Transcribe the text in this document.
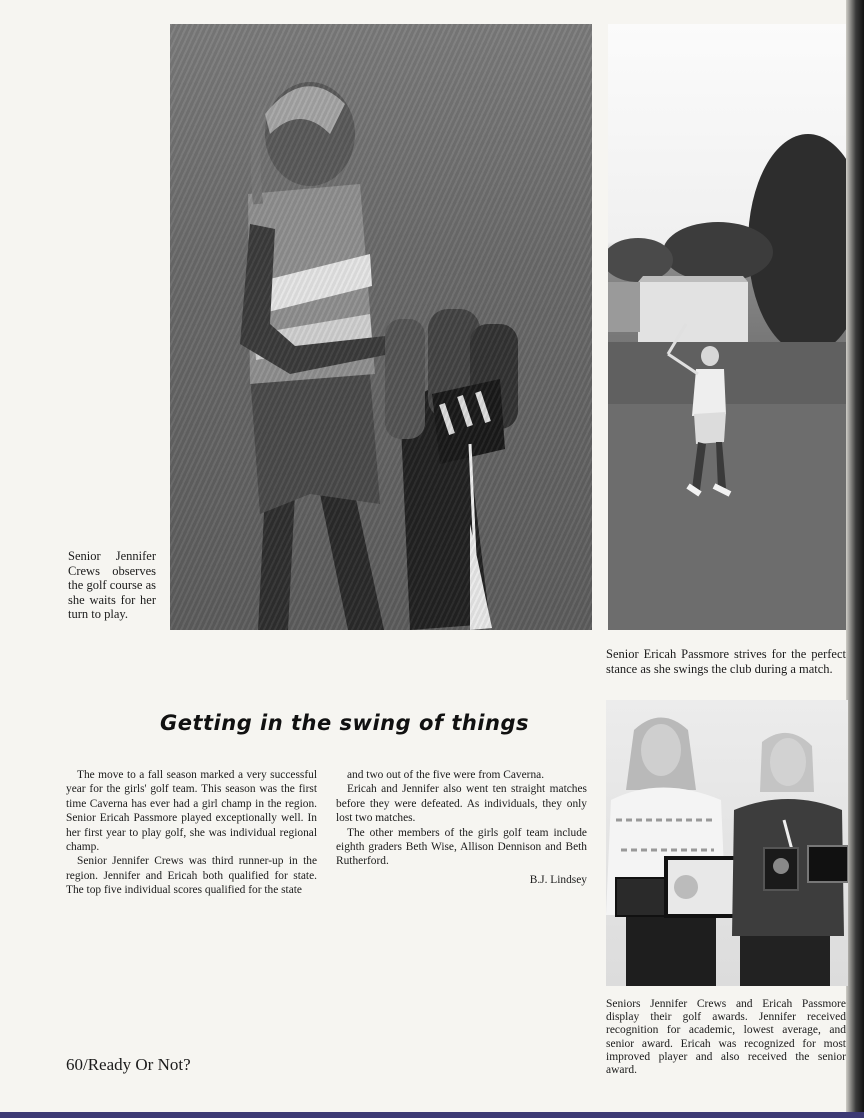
Senior Jennifer Crews observes the golf course as she waits for her turn to play.

Senior Ericah Passmore strives for the perfect stance as she swings the club during a match.

Getting in the swing of things

The move to a fall season marked a very successful year for the girls' golf team. This season was the first time Caverna has ever had a girl champ in the region. Senior Ericah Passmore played exceptionally well. In her first year to play golf, she was individual regional champ.

Senior Jennifer Crews was third runner-up in the region. Jennifer and Ericah both qualified for state. The top five individual scores qualified for the state

and two out of the five were from Caverna.

Ericah and Jennifer also went ten straight matches before they were defeated. As individuals, they only lost two matches.

The other members of the girls golf team include eighth graders Beth Wise, Allison Dennison and Beth Rutherford.

B.J. Lindsey

Seniors Jennifer Crews and Ericah Passmore display their golf awards. Jennifer received recognition for academic, lowest average, and senior award. Ericah was recognized for most improved player and also received the senior award.

60/Ready Or Not?
